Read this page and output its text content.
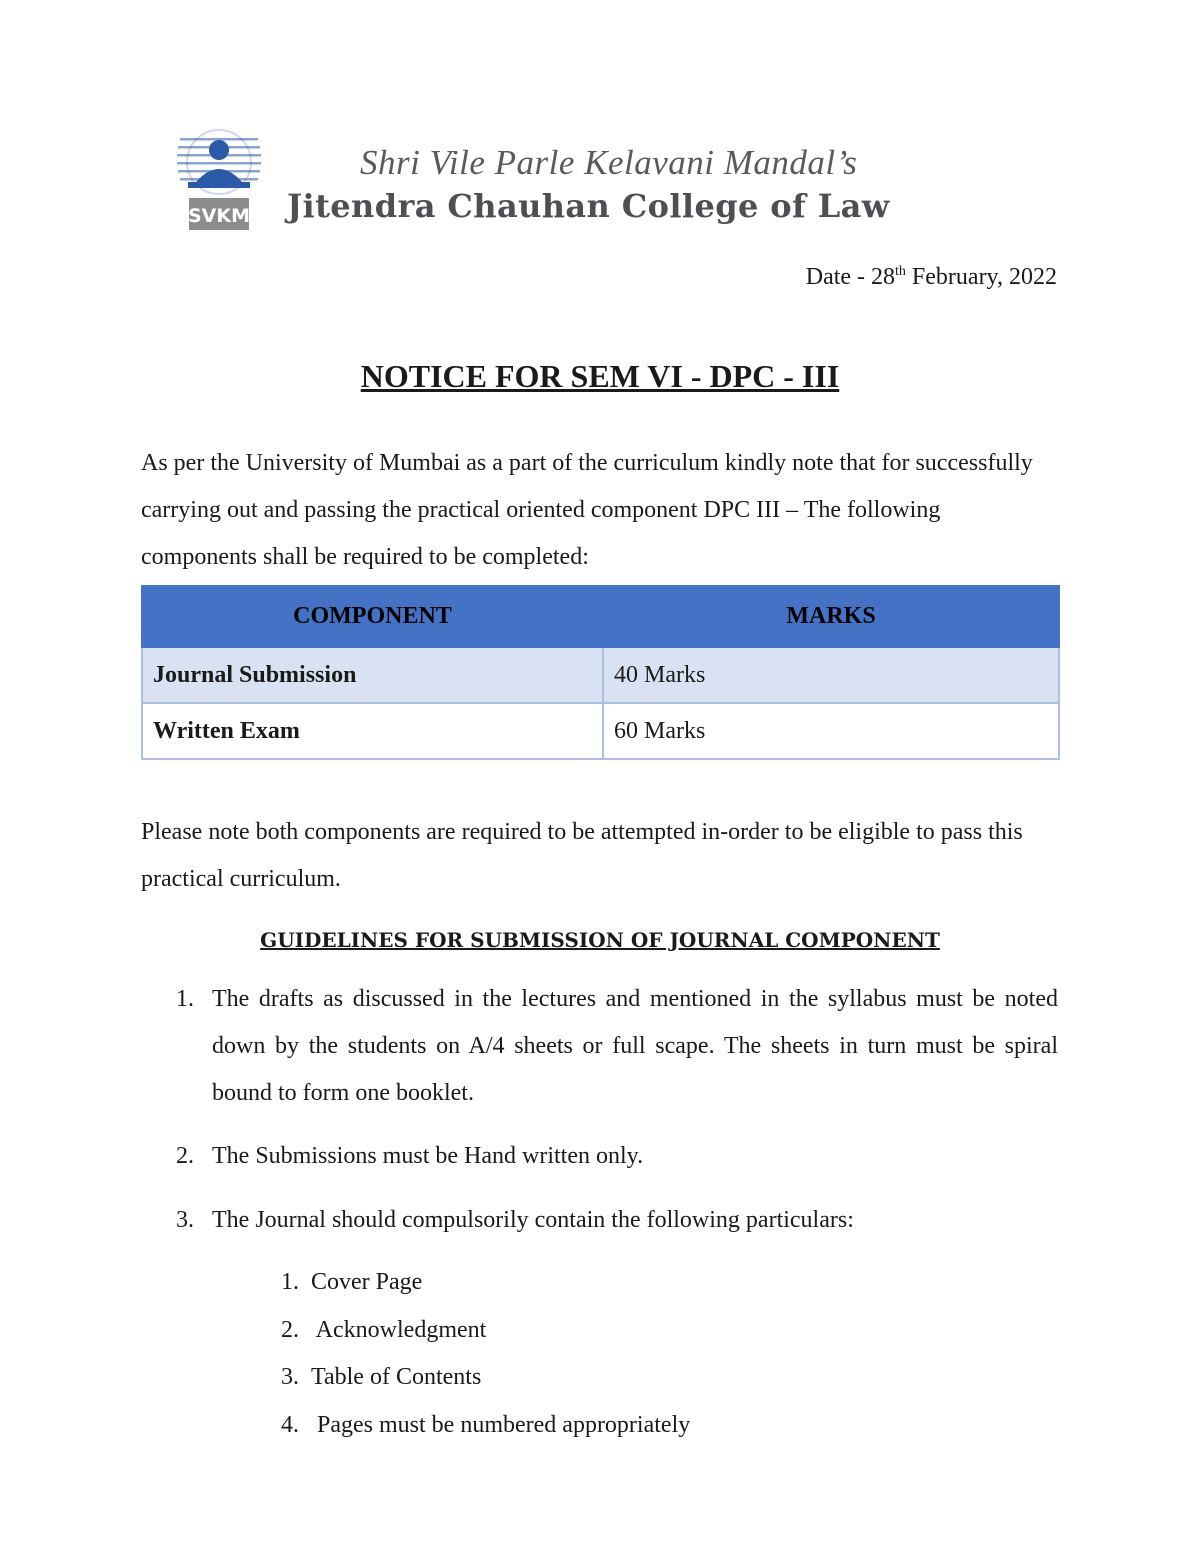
SVKM
Shri Vile Parle Kelavani Mandal’s
Jitendra Chauhan College of Law
Date - 28th February, 2022
NOTICE FOR SEM VI - DPC - III
As per the University of Mumbai as a part of the curriculum kindly note that for successfully carrying out and passing the practical oriented component DPC III – The following components shall be required to be completed:
COMPONENT	MARKS
Journal Submission	40 Marks
Written Exam	60 Marks
Please note both components are required to be attempted in-order to be eligible to pass this practical curriculum.
GUIDELINES FOR SUBMISSION OF JOURNAL COMPONENT
1. The drafts as discussed in the lectures and mentioned in the syllabus must be noted down by the students on A/4 sheets or full scape. The sheets in turn must be spiral bound to form one booklet.
2. The Submissions must be Hand written only.
3. The Journal should compulsorily contain the following particulars:
1. Cover Page
2. Acknowledgment
3. Table of Contents
4. Pages must be numbered appropriately
